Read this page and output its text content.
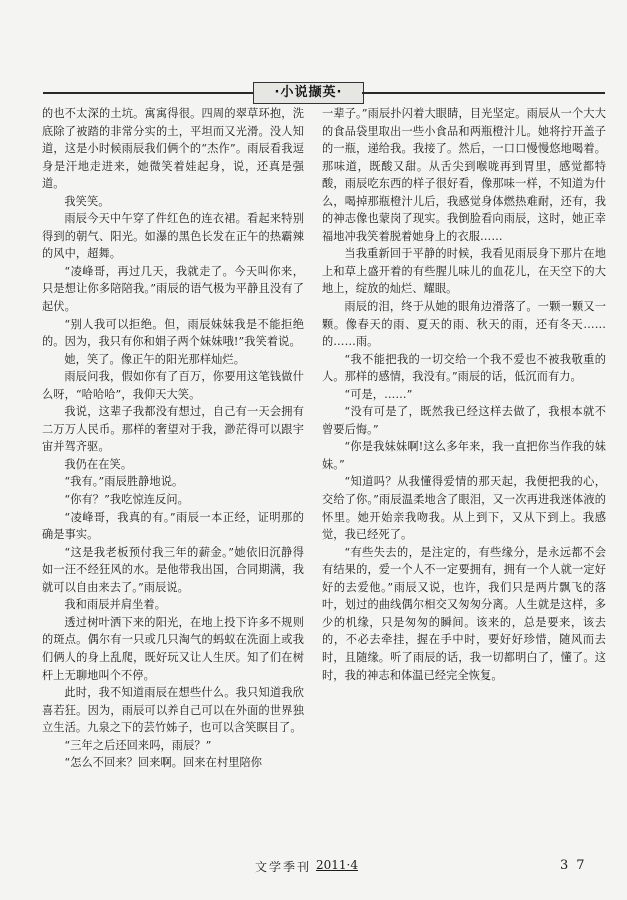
·小说撷英·

的也不太深的土坑。寓寓得很。四周的翠草环抱，洗底除了被踏的非常分实的土，平坦而又光滑。没人知道，这是小时候雨辰我们俩个的“杰作”。雨辰看我逗身是汗地走进来，她微笑着娃起身，说，还真是强道。

我笑笑。

雨辰今天中午穿了件红色的连衣裙。看起来特别得到的朝气、阳光。如瀑的黑色长发在正午的热霸辣的风中，超舞。

“凌峰哥，再过几天，我就走了。今天叫你来，只是想让你多陪陪我。”雨辰的语气极为平静且没有了起伏。

“别人我可以拒绝。但，雨辰妹妹我是不能拒绝的。因为，我只有你和娟子两个妹妹哦!”我笑着说。

她，笑了。像正午的阳光那样灿烂。

雨辰问我，假如你有了百万，你要用这笔钱做什么呀，“哈哈哈”，我仰天大笑。

我说，这辈子我都没有想过，自己有一天会拥有二万万人民币。那样的奢望对于我，渺茫得可以跟宇宙并驾齐驱。

我仍在在笑。

“我有。”雨辰胜静地说。

“你有？”我吃惊连反问。

“凌峰哥，我真的有。”雨辰一本正经，证明那的确是事实。

“这是我老板预付我三年的薪金。”她依旧沉静得如一汪不经狂风的水。是他带我出国，合同期满，我就可以自由来去了。”雨辰说。

我和雨辰并肩坐着。

透过树叶洒下来的阳光，在地上投下许多不规则的斑点。偶尔有一只或几只淘气的蚂蚁在洗面上或我们俩人的身上乱爬，既好玩又让人生厌。知了们在树杆上无聊地叫个不停。

此时，我不知道雨辰在想些什么。我只知道我欣喜若狂。因为，雨辰可以养自己可以在外面的世界独立生活。九泉之下的芸竹姊子，也可以含笑瞑目了。

“三年之后还回来吗，雨辰？”

“怎么不回来？回来啊。回来在村里陪你

一辈子。”雨辰扑闪着大眼睛，目光坚定。雨辰从一个大大的食品袋里取出一些小食品和两瓶橙汁儿。她将拧开盖子的一瓶，递给我。我接了。然后，一口口慢慢悠地喝着。那味道，既酸又甜。从舌尖到喉咙再到胃里，感觉都特酸，雨辰吃东西的样子很好看，像那味一样，不知道为什么，喝掉那瓶橙汁儿后，我感觉身体燃热难耐，还有，我的神志像也蒙岗了现实。我倒脸看向雨辰，这时，她正幸福地冲我笑着脱着她身上的衣服……

当我重新回于平静的时候，我看见雨辰身下那片在地上和草上盛开着的有些腥儿味儿的血花儿，在天空下的大地上，绽放的灿烂、耀眼。

雨辰的泪，终于从她的眼角边滑落了。一颗一颗又一颗。像春天的雨、夏天的雨、秋天的雨，还有冬天……的……雨。

“我不能把我的一切交给一个我不爱也不被我敬重的人。那样的感情，我没有。”雨辰的话，低沉而有力。

“可是，……”

“没有可是了，既然我已经这样去做了，我根本就不曾要后悔。”

“你是我妹妹啊!这么多年来，我一直把你当作我的妹妹。”

“知道吗？从我懂得爱情的那天起，我便把我的心，交给了你。”雨辰温柔地含了眼泪，又一次再进我迷体液的怀里。她开始亲我吻我。从上到下，又从下到上。我感觉，我已经死了。

“有些失去的，是注定的，有些缘分，是永远都不会有结果的，爱一个人不一定要拥有，拥有一个人就一定好好的去爱他。”雨辰又说，也许，我们只是两片飘飞的落叶，划过的曲线偶尔相交又匆匆分离。人生就是这样，多少的机缘，只是匆匆的瞬间。该来的，总是要来，该去的，不必去牵挂，握在手中时，要好好珍惜，随风而去时，且随缘。听了雨辰的话，我一切都明白了，懂了。这时，我的神志和体温已经完全恢复。

文学季刊 2011·4	37
